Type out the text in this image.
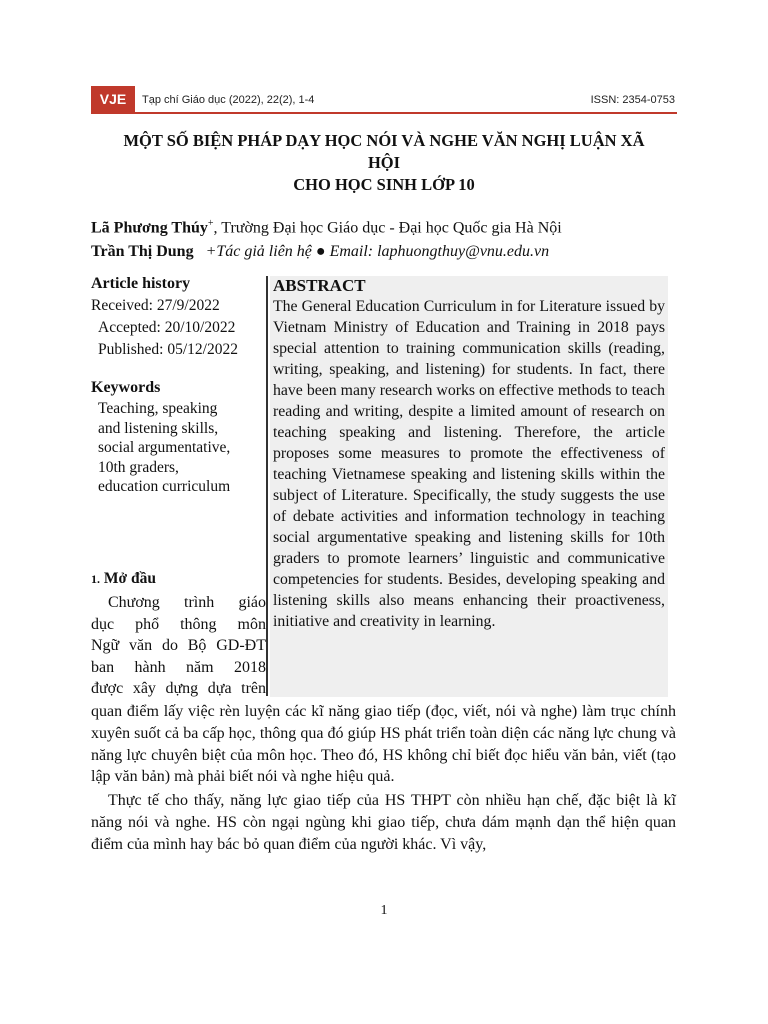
VJE	Tạp chí Giáo dục (2022), 22(2), 1-4	ISSN: 2354-0753
MỘT SỐ BIỆN PHÁP DẠY HỌC NÓI VÀ NGHE VĂN NGHỊ LUẬN XÃ
HỘI
CHO HỌC SINH LỚP 10
Lã Phương Thúy+, Trường Đại học Giáo dục - Đại học Quốc gia Hà Nội
Trần Thị Dung +Tác giả liên hệ ● Email: laphuongthuy@vnu.edu.vn
Article history
Received: 27/9/2022
Accepted: 20/10/2022
Published: 05/12/2022
Keywords
Teaching, speaking
and listening skills,
social argumentative,
10th graders,
education curriculum
ABSTRACT
The General Education Curriculum in for Literature issued by Vietnam Ministry of Education and Training in 2018 pays special attention to training communication skills (reading, writing, speaking, and listening) for students. In fact, there have been many research works on effective methods to teach reading and writing, despite a limited amount of research on teaching speaking and listening. Therefore, the article proposes some measures to promote the effectiveness of teaching Vietnamese speaking and listening skills within the subject of Literature. Specifically, the study suggests the use of debate activities and information technology in teaching social argumentative speaking and listening skills for 10th graders to promote learners’ linguistic and communicative competencies for students. Besides, developing speaking and listening skills also means enhancing their proactiveness, initiative and creativity in learning.
1. Mở đầu
Chương trình giáo
dục phổ thông môn
Ngữ văn do Bộ GD-ĐT
ban hành năm 2018
được xây dựng dựa trên

quan điểm lấy việc rèn luyện các kĩ năng giao tiếp (đọc, viết, nói và nghe) làm trục chính xuyên suốt cả ba cấp học, thông qua đó giúp HS phát triển toàn diện các năng lực chung và năng lực chuyên biệt của môn học. Theo đó, HS không chỉ biết đọc hiểu văn bản, viết (tạo lập văn bản) mà phải biết nói và nghe hiệu quả.

Thực tế cho thấy, năng lực giao tiếp của HS THPT còn nhiều hạn chế, đặc biệt là kĩ năng nói và nghe. HS còn ngại ngùng khi giao tiếp, chưa dám mạnh dạn thể hiện quan điểm của mình hay bác bỏ quan điểm của người khác. Vì vậy,

1
